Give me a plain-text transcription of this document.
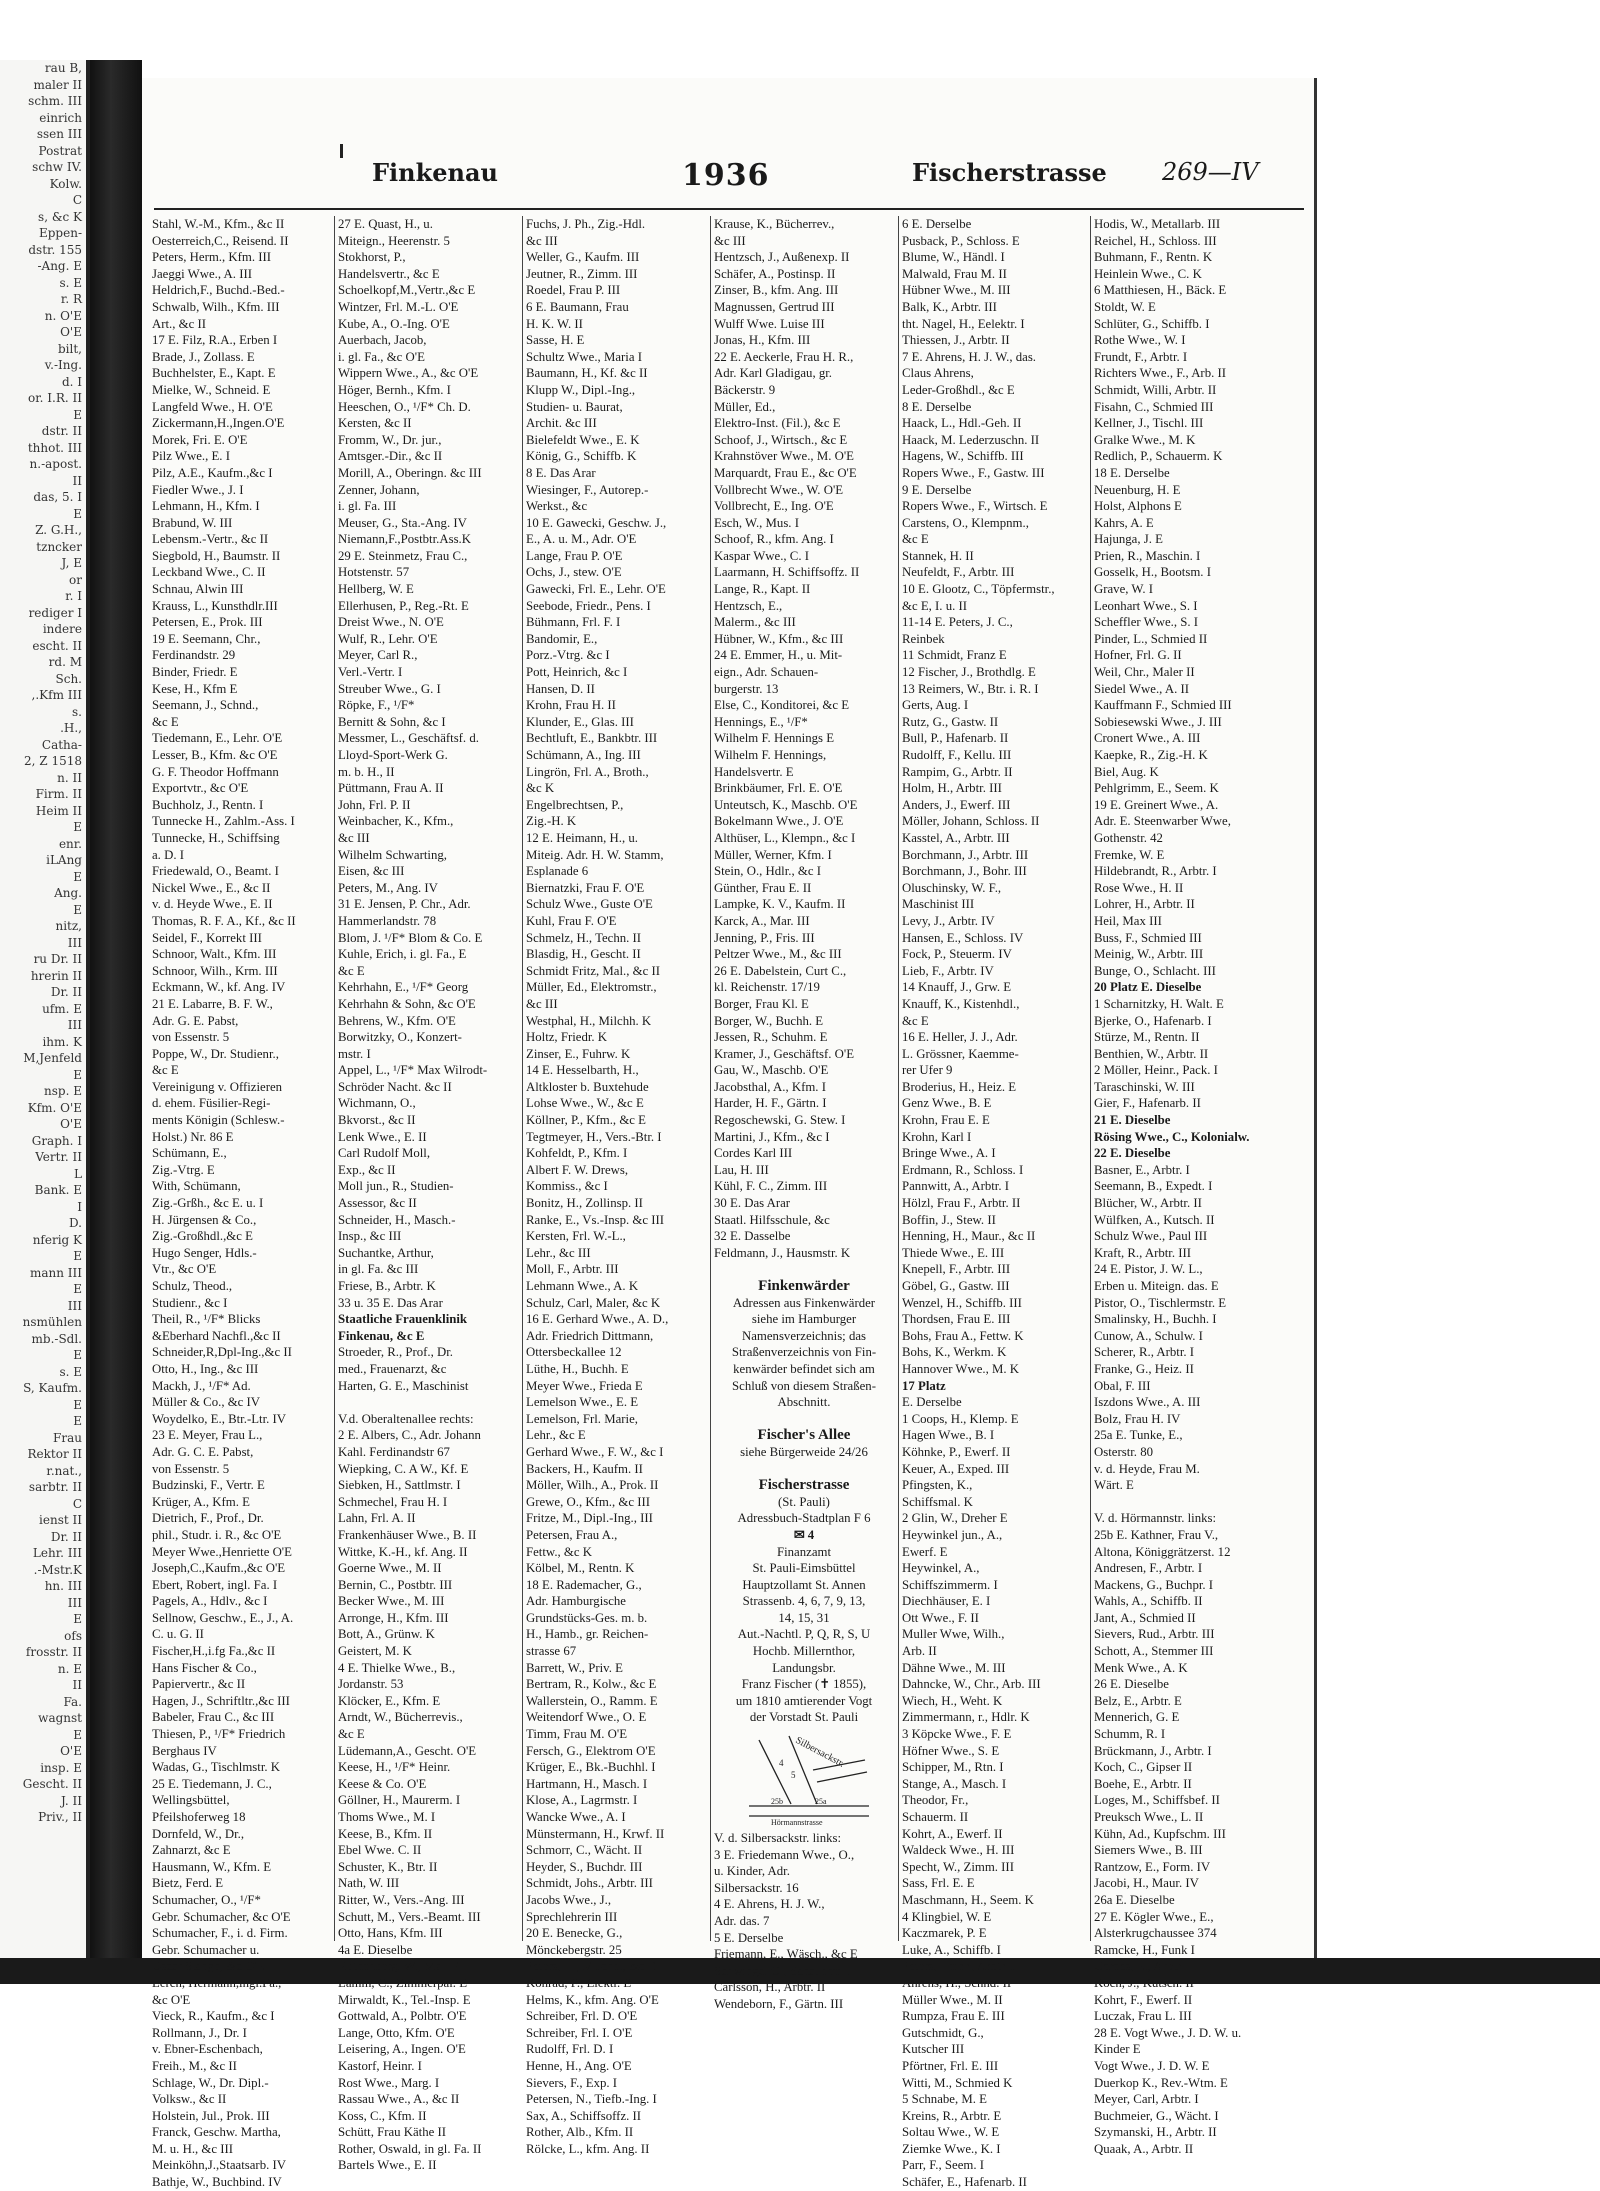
rau B,
maler II
schm. III
einrich
ssen III
Postrat
schw IV.
Kolw.
C
s, &c K
Eppen-
dstr. 155
-Ang. E
s. E
r. R
n. O'E
O'E
bilt,
v.-Ing.
d. I
or. I.R. II
E
dstr. II
thhot. III
n.-apost.
II
das, 5. I
E
Z. G.H.,
tzncker
J, E
or
r. I
rediger I
indere
escht. II
rd. M
Sch.
,.Kfm III
s.
.H.,
Catha-
2, Z 1518
n. II
Firm. II
Heim II
E
enr.
iLAng
E
Ang.
E
nitz,
III
ru Dr. II
hrerin II
Dr. II
ufm. E
III
ihm. K
M,Jenfeld
E
nsp. E
Kfm. O'E
O'E
Graph. I
Vertr. II
L
Bank. E
I
D.
nferig K
E
mann III
E
III
nsmühlen
mb.-Sdl.
E
s. E
S, Kaufm.
E
E
Frau
Rektor II
r.nat.,
sarbtr. II
C
ienst II
Dr. II
Lehr. III
.-Mstr.K
hn. III
III
E
ofs
frosstr. II
n. E
II
Fa.
wagnst
E
O'E
insp. E
Gescht. II
J. II
Priv., II
Finkenau	1936	Fischerstrasse 269—IV
Stahl, W.-M., Kfm., &c II
Oesterreich,C., Reisend. II
Peters, Herm., Kfm. III
Jaeggi Wwe., A. III
Heldrich,F., Buchd.-Bed.-
Schwalb, Wilh., Kfm. III
Art., &c II
17 E. Filz, R.A., Erben I
Brade, J., Zollass. E
Buchhelster, E., Kapt. E
Mielke, W., Schneid. E
Langfeld Wwe., H. O'E
Zickermann,H.,Ingen.O'E
Morek, Fri. E. O'E
Pilz Wwe., E. I
Pilz, A.E., Kaufm.,&c I
Fiedler Wwe., J. I
Lehmann, H., Kfm. I
Brabund, W. III
Lebensm.-Vertr., &c II
Siegbold, H., Baumstr. II
Leckband Wwe., C. II
Schnau, Alwin III
Krauss, L., Kunsthdlr.III
Petersen, E., Prok. III
19 E. Seemann, Chr.,
Ferdinandstr. 29
Binder, Friedr. E
Kese, H., Kfm E
Seemann, J., Schnd.,
&c E
Tiedemann, E., Lehr. O'E
Lesser, B., Kfm. &c O'E
G. F. Theodor Hoffmann
Exportvtr., &c O'E
Buchholz, J., Rentn. I
Tunnecke H., Zahlm.-Ass. I
Tunnecke, H., Schiffsing
a. D. I
Friedewald, O., Beamt. I
Nickel Wwe., E., &c II
v. d. Heyde Wwe., E. II
Thomas, R. F. A., Kf., &c II
Seidel, F., Korrekt III
Schnoor, Walt., Kfm. III
Schnoor, Wilh., Krm. III
Eckmann, W., kf. Ang. IV
21 E. Labarre, B. F. W.,
Adr. G. E. Pabst,
von Essenstr. 5
Poppe, W., Dr. Studienr.,
&c E
Vereinigung v. Offizieren
d. ehem. Füsilier-Regi-
ments Königin (Schlesw.-
Holst.) Nr. 86 E
Schümann, E.,
Zig.-Vtrg. E
With, Schümann,
Zig.-Grßh., &c E. u. I
H. Jürgensen & Co.,
Zig.-Großhdl.,&c E
Hugo Senger, Hdls.-
Vtr., &c O'E
Schulz, Theod.,
Studienr., &c I
Theil, R., ¹/F* Blicks
&Eberhard Nachfl.,&c II
Schneider,R,Dpl-Ing.,&c II
Otto, H., Ing., &c III
Mackh, J., ¹/F* Ad.
Müller & Co., &c IV
Woydelko, E., Btr.-Ltr. IV
23 E. Meyer, Frau L.,
Adr. G. C. E. Pabst,
von Essenstr. 5
Budzinski, F., Vertr. E
Krüger, A., Kfm. E
Dietrich, F., Prof., Dr.
phil., Studr. i. R., &c O'E
Meyer Wwe.,Henriette O'E
Joseph,C.,Kaufm.,&c O'E
Ebert, Robert, ingl. Fa. I
Pagels, A., Hdlv., &c I
Sellnow, Geschw., E., J., A.
C. u. G. II
Fischer,H.,i.fg Fa.,&c II
Hans Fischer & Co.,
Papiervertr., &c II
Hagen, J., Schriftltr.,&c III
Babeler, Frau C., &c III
Thiesen, P., ¹/F* Friedrich
Berghaus IV
Wadas, G., Tischlmstr. K
25 E. Tiedemann, J. C.,
Wellingsbüttel,
Pfeilshoferweg 18
Dornfeld, W., Dr.,
Zahnarzt, &c E
Hausmann, W., Kfm. E
Bietz, Ferd. E
Schumacher, O., ¹/F*
Gebr. Schumacher, &c O'E
Schumacher, F., i. d. Firm.
Gebr. Schumacher u.
Oscar Stange, &c O'E
Lerch, Hermann,ingl.Fa.,
&c O'E
Vieck, R., Kaufm., &c I
Rollmann, J., Dr. I
v. Ebner-Eschenbach,
Freih., M., &c II
Schlage, W., Dr. Dipl.-
Volksw., &c II
Holstein, Jul., Prok. III
Franck, Geschw. Martha,
M. u. H., &c III
Meinköhn,J.,Staatsarb. IV
Bathje, W., Buchbind. IV
27 E. Quast, H., u.
Miteign., Heerenstr. 5
Stokhorst, P.,
Handelsvertr., &c E
Schoelkopf,M.,Vertr.,&c E
Wintzer, Frl. M.-L. O'E
Kube, A., O.-Ing. O'E
Auerbach, Jacob,
i. gl. Fa., &c O'E
Wippern Wwe., A., &c O'E
Höger, Bernh., Kfm. I
Heeschen, O., ¹/F* Ch. D.
Kersten, &c II
Fromm, W., Dr. jur.,
Amtsger.-Dir., &c II
Morill, A., Oberingn. &c III
Zenner, Johann,
i. gl. Fa. III
Meuser, G., Sta.-Ang. IV
Niemann,F.,Postbtr.Ass.K
29 E. Steinmetz, Frau C.,
Hotstenstr. 57
Hellberg, W. E
Ellerhusen, P., Reg.-Rt. E
Dreist Wwe., N. O'E
Wulf, R., Lehr. O'E
Meyer, Carl R.,
Verl.-Vertr. I
Streuber Wwe., G. I
Röpke, F., ¹/F*
Bernitt & Sohn, &c I
Messmer, L., Geschäftsf. d.
Lloyd-Sport-Werk G.
m. b. H., II
Püttmann, Frau A. II
John, Frl. P. II
Weinbacher, K., Kfm.,
&c III
Wilhelm Schwarting,
Eisen, &c III
Peters, M., Ang. IV
31 E. Jensen, P. Chr., Adr.
Hammerlandstr. 78
Blom, J. ¹/F* Blom & Co. E
Kuhle, Erich, i. gl. Fa., E
&c E
Kehrhahn, E., ¹/F* Georg
Kehrhahn & Sohn, &c O'E
Behrens, W., Kfm. O'E
Borwitzky, O., Konzert-
mstr. I
Appel, L., ¹/F* Max Wilrodt-
Schröder Nacht. &c II
Wichmann, O.,
Bkvorst., &c II
Lenk Wwe., E. II
Carl Rudolf Moll,
Exp., &c II
Moll jun., R., Studien-
Assessor, &c II
Schneider, H., Masch.-
Insp., &c III
Suchantke, Arthur,
in gl. Fa. &c III
Friese, B., Arbtr. K
33 u. 35 E. Das Arar
Staatliche Frauenklinik
Finkenau, &c E
Stroeder, R., Prof., Dr.
med., Frauenarzt, &c
Harten, G. E., Maschinist

V.d. Oberaltenallee rechts:
2 E. Albers, C., Adr. Johann
Kahl. Ferdinandstr 67
Wiepking, C. A W., Kf. E
Siebken, H., Sattlmstr. I
Schmechel, Frau H. I
Lahn, Frl. A. II
Frankenhäuser Wwe., B. II
Wittke, K.-H., kf. Ang. II
Goerne Wwe., M. II
Bernin, C., Postbtr. III
Becker Wwe., M. III
Arronge, H., Kfm. III
Bott, A., Grünw. K
Geistert, M. K
4 E. Thielke Wwe., B.,
Jordanstr. 53
Klöcker, E., Kfm. E
Arndt, W., Bücherrevis.,
&c E
Lüdemann,A., Gescht. O'E
Keese, H., ¹/F* Heinr.
Keese & Co. O'E
Göllner, H., Maurerm. I
Thoms Wwe., M. I
Keese, B., Kfm. II
Ebel Wwe. C. II
Schuster, K., Btr. II
Nath, W. III
Ritter, W., Vers.-Ang. III
Schutt, M., Vers.-Beamt. III
Otto, Hans, Kfm. III
4a E. Dieselbe
Ruthenberg, W., Mal. E
Lamm, C., Zimmerpal. E
Mirwaldt, K., Tel.-Insp. E
Gottwald, A., Polbtr. O'E
Lange, Otto, Kfm. O'E
Leisering, A., Ingen. O'E
Kastorf, Heinr. I
Rost Wwe., Marg. I
Rassau Wwe., A., &c II
Koss, C., Kfm. II
Schütt, Frau Käthe II
Rother, Oswald, in gl. Fa. II
Bartels Wwe., E. II
Fuchs, J. Ph., Zig.-Hdl.
&c III
Weller, G., Kaufm. III
Jeutner, R., Zimm. III
Roedel, Frau P. III
6 E. Baumann, Frau
H. K. W. II
Sasse, H. E
Schultz Wwe., Maria I
Baumann, H., Kf. &c II
Klupp W., Dipl.-Ing.,
Studien- u. Baurat,
Archit. &c III
Bielefeldt Wwe., E. K
König, G., Schiffb. K
8 E. Das Arar
Wiesinger, F., Autorep.-
Werkst., &c
10 E. Gawecki, Geschw. J.,
E., A. u. M., Adr. O'E
Lange, Frau P. O'E
Ochs, J., stew. O'E
Gawecki, Frl. E., Lehr. O'E
Seebode, Friedr., Pens. I
Bühmann, Frl. F. I
Bandomir, E.,
Porz.-Vtrg. &c I
Pott, Heinrich, &c I
Hansen, D. II
Krohn, Frau H. II
Klunder, E., Glas. III
Bechtluft, E., Bankbtr. III
Schümann, A., Ing. III
Lingrön, Frl. A., Broth.,
&c K
Engelbrechtsen, P.,
Zig.-H. K
12 E. Heimann, H., u.
Miteig. Adr. H. W. Stamm,
Esplanade 6
Biernatzki, Frau F. O'E
Schulz Wwe., Guste O'E
Kuhl, Frau F. O'E
Schmelz, H., Techn. II
Blasdig, H., Gescht. II
Schmidt Fritz, Mal., &c II
Müller, Ed., Elektromstr.,
&c III
Westphal, H., Milchh. K
Holtz, Friedr. K
Zinser, E., Fuhrw. K
14 E. Hesselbarth, H.,
Altkloster b. Buxtehude
Lohse Wwe., W., &c E
Köllner, P., Kfm., &c E
Tegtmeyer, H., Vers.-Btr. I
Kohfeldt, P., Kfm. I
Albert F. W. Drews,
Kommiss., &c I
Bonitz, H., Zollinsp. II
Ranke, E., Vs.-Insp. &c III
Kersten, Frl. W.-L.,
Lehr., &c III
Moll, F., Arbtr. III
Lehmann Wwe., A. K
Schulz, Carl, Maler, &c K
16 E. Gerhard Wwe., A. D.,
Adr. Friedrich Dittmann,
Ottersbeckallee 12
Lüthe, H., Buchh. E
Meyer Wwe., Frieda E
Lemelson Wwe., E. E
Lemelson, Frl. Marie,
Lehr., &c E
Gerhard Wwe., F. W., &c I
Backers, H., Kaufm. II
Möller, Wilh., A., Prok. II
Grewe, O., Kfm., &c III
Fritze, M., Dipl.-Ing., III
Petersen, Frau A.,
Fettw., &c K
Kölbel, M., Rentn. K
18 E. Rademacher, G.,
Adr. Hamburgische
Grundstücks-Ges. m. b.
H., Hamb., gr. Reichen-
strasse 67
Barrett, W., Priv. E
Bertram, R., Kolw., &c E
Wallerstein, O., Ramm. E
Weitendorf Wwe., O. E
Timm, Frau M. O'E
Fersch, G., Elektrom O'E
Krüger, E., Bk.-Buchhl. I
Hartmann, H., Masch. I
Klose, A., Lagrmstr. I
Wancke Wwe., A. I
Münstermann, H., Krwf. II
Schmorr, C., Wächt. II
Heyder, S., Buchdr. III
Schmidt, Johs., Arbtr. III
Jacobs Wwe., J.,
Sprechlehrerin III
20 E. Benecke, G.,
Mönckebergstr. 25
Peters, H., Milchh., &c E
Konrad, F., Elektr. E
Helms, K., kfm. Ang. O'E
Schreiber, Frl. D. O'E
Schreiber, Frl. I. O'E
Rudolff, Frl. D. I
Henne, H., Ang. O'E
Sievers, F., Exp. I
Petersen, N., Tiefb.-Ing. I
Sax, A., Schiffsoffz. II
Rother, Alb., Kfm. II
Rölcke, L., kfm. Ang. II
Krause, K., Bücherrev.,
&c III
Hentzsch, J., Außenexp. II
Schäfer, A., Postinsp. II
Zinser, B., kfm. Ang. III
Magnussen, Gertrud III
Wulff Wwe. Luise III
Jonas, H., Kfm. III
22 E. Aeckerle, Frau H. R.,
Adr. Karl Gladigau, gr.
Bäckerstr. 9
Müller, Ed.,
Elektro-Inst. (Fil.), &c E
Schoof, J., Wirtsch., &c E
Krahnstöver Wwe., M. O'E
Marquardt, Frau E., &c O'E
Vollbrecht Wwe., W. O'E
Vollbrecht, E., Ing. O'E
Esch, W., Mus. I
Schoof, R., kfm. Ang. I
Kaspar Wwe., C. I
Laarmann, H. Schiffsoffz. II
Lange, R., Kapt. II
Hentzsch, E.,
Malerm., &c III
Hübner, W., Kfm., &c III
24 E. Emmer, H., u. Mit-
eign., Adr. Schauen-
burgerstr. 13
Else, C., Konditorei, &c E
Hennings, E., ¹/F*
Wilhelm F. Hennings E
Wilhelm F. Hennings,
Handelsvertr. E
Brinkbäumer, Frl. E. O'E
Unteutsch, K., Maschb. O'E
Bokelmann Wwe., J. O'E
Althüser, L., Klempn., &c I
Müller, Werner, Kfm. I
Stein, O., Hdlr., &c I
Günther, Frau E. II
Lampke, K. V., Kaufm. II
Karck, A., Mar. III
Jenning, P., Fris. III
Peltzer Wwe., M., &c III
26 E. Dabelstein, Curt C.,
kl. Reichenstr. 17/19
Borger, Frau Kl. E
Borger, W., Buchh. E
Jessen, R., Schuhm. E
Kramer, J., Geschäftsf. O'E
Gau, W., Maschb. O'E
Jacobsthal, A., Kfm. I
Harder, H. F., Gärtn. I
Regoschewski, G. Stew. I
Martini, J., Kfm., &c I
Cordes Karl III
Lau, H. III
Kühl, F. C., Zimm. III
30 E. Das Arar
Staatl. Hilfsschule, &c
32 E. Dasselbe
Feldmann, J., Hausmstr. K

Finkenwärder
Adressen aus Finkenwärder
siehe im Hamburger
Namensverzeichnis; das
Straßenverzeichnis von Fin-
kenwärder befindet sich am
Schluß von diesem Straßen-
Abschnitt.

Fischer's Allee
siehe Bürgerweide 24/26

Fischerstrasse
(St. Pauli)
Adressbuch-Stadtplan F 6
✉ 4
Finanzamt
St. Pauli-Eimsbüttel
Hauptzollamt St. Annen
Strassenb. 4, 6, 7, 9, 13,
14, 15, 31
Aut.-Nachtl. P, Q, R, S, U
Hochb. Millernthor,
Landungsbr.
Franz Fischer (✝ 1855),
um 1810 amtierender Vogt
der Vorstadt St. Pauli
Silbersackstr.
Hörmannstrasse
4
5
25b	25a
V. d. Silbersackstr. links:
3 E. Friedemann Wwe., O.,
u. Kinder, Adr.
Silbersackstr. 16
4 E. Ahrens, H. J. W.,
Adr. das. 7
5 E. Derselbe
Friemann, E., Wäsch., &c E
Schwinge, O., Schauerm. I
Carlsson, H., Arbtr. II
Wendeborn, F., Gärtn. III
6 E. Derselbe
Pusback, P., Schloss. E
Blume, W., Händl. I
Malwald, Frau M. II
Hübner Wwe., M. III
Balk, K., Arbtr. III
tht. Nagel, H., Eelektr. I
Thiessen, J., Arbtr. II
7 E. Ahrens, H. J. W., das.
Claus Ahrens,
Leder-Großhdl., &c E
8 E. Derselbe
Haack, L., Hdl.-Geh. II
Haack, M. Lederzuschn. II
Hagens, W., Schiffb. III
Ropers Wwe., F., Gastw. III
9 E. Derselbe
Ropers Wwe., F., Wirtsch. E
Carstens, O., Klempnm.,
&c E
Stannek, H. II
Neufeldt, F., Arbtr. III
10 E. Glootz, C., Töpfermstr.,
&c E, I. u. II
11-14 E. Peters, J. C.,
Reinbek
11 Schmidt, Franz E
12 Fischer, J., Brothdlg. E
13 Reimers, W., Btr. i. R. I
Gerts, Aug. I
Rutz, G., Gastw. II
Bull, P., Hafenarb. II
Rudolff, F., Kellu. III
Rampim, G., Arbtr. II
Holm, H., Arbtr. III
Anders, J., Ewerf. III
Möller, Johann, Schloss. II
Kasstel, A., Arbtr. III
Borchmann, J., Arbtr. III
Borchmann, J., Bohr. III
Oluschinsky, W. F.,
Maschinist III
Levy, J., Arbtr. IV
Hansen, E., Schloss. IV
Fock, P., Steuerm. IV
Lieb, F., Arbtr. IV
14 Knauff, J., Grw. E
Knauff, K., Kistenhdl.,
&c E
16 E. Heller, J. J., Adr.
L. Grössner, Kaemme-
rer Ufer 9
Broderius, H., Heiz. E
Genz Wwe., B. E
Krohn, Frau E. E
Krohn, Karl I
Bringe Wwe., A. I
Erdmann, R., Schloss. I
Pannwitt, A., Arbtr. I
Hölzl, Frau F., Arbtr. II
Boffin, J., Stew. II
Henning, H., Maur., &c II
Thiede Wwe., E. III
Knepell, F., Arbtr. III
Göbel, G., Gastw. III
Wenzel, H., Schiffb. III
Thordsen, Frau E. III
Bohs, Frau A., Fettw. K
Bohs, K., Werkm. K
Hannover Wwe., M. K
17 Platz
E. Derselbe
1 Coops, H., Klemp. E
Hagen Wwe., B. I
Köhnke, P., Ewerf. II
Keuer, A., Exped. III
Pfingsten, K.,
Schiffsmal. K
2 Glin, W., Dreher E
Heywinkel jun., A.,
Ewerf. E
Heywinkel, A.,
Schiffszimmerm. I
Diechhäuser, E. I
Ott Wwe., F. II
Muller Wwe, Wilh.,
Arb. II
Dähne Wwe., M. III
Dahncke, W., Chr., Arb. III
Wiech, H., Weht. K
Zimmermann, r., Hdlr. K
3 Köpcke Wwe., F. E
Höfner Wwe., S. E
Schipper, M., Rtn. I
Stange, A., Masch. I
Theodor, Fr.,
Schauerm. II
Kohrt, A., Ewerf. II
Waldeck Wwe., H. III
Specht, W., Zimm. III
Sass, Frl. E. E
Maschmann, H., Seem. K
4 Klingbiel, W. E
Kaczmarek, P. E
Luke, A., Schiffb. I
Peters, Heinr., Arbtr. I
Ahrens, H., Schnd. II
Müller Wwe., M. II
Rumpza, Frau E. III
Gutschmidt, G.,
Kutscher III
Pförtner, Frl. E. III
Witti, M., Schmied K
5 Schnabe, M. E
Kreins, R., Arbtr. E
Soltau Wwe., W. E
Ziemke Wwe., K. I
Parr, F., Seem. I
Schäfer, E., Hafenarb. II
Hodis, W., Metallarb. III
Reichel, H., Schloss. III
Buhmann, F., Rentn. K
Heinlein Wwe., C. K
6 Matthiesen, H., Bäck. E
Stoldt, W. E
Schlüter, G., Schiffb. I
Rothe Wwe., W. I
Frundt, F., Arbtr. I
Richters Wwe., F., Arb. II
Schmidt, Willi, Arbtr. II
Fisahn, C., Schmied III
Kellner, J., Tischl. III
Gralke Wwe., M. K
Redlich, P., Schauerm. K
18 E. Derselbe
Neuenburg, H. E
Holst, Alphons E
Kahrs, A. E
Hajunga, J. E
Prien, R., Maschin. I
Gosselk, H., Bootsm. I
Grave, W. I
Leonhart Wwe., S. I
Scheffler Wwe., S. I
Pinder, L., Schmied II
Hofner, Frl. G. II
Weil, Chr., Maler II
Siedel Wwe., A. II
Kauffmann F., Schmied III
Sobiesewski Wwe., J. III
Cronert Wwe., A. III
Kaepke, R., Zig.-H. K
Biel, Aug. K
Pehlgrimm, E., Seem. K
19 E. Greinert Wwe., A.
Adr. E. Steenwarber Wwe,
Gothenstr. 42
Fremke, W. E
Hildebrandt, R., Arbtr. I
Rose Wwe., H. II
Lohrer, H., Arbtr. II
Heil, Max III
Buss, F., Schmied III
Meinig, W., Arbtr. III
Bunge, O., Schlacht. III
20 Platz E. Dieselbe
1 Scharnitzky, H. Walt. E
Bjerke, O., Hafenarb. I
Stürze, M., Rentn. II
Benthien, W., Arbtr. II
2 Möller, Heinr., Pack. I
Taraschinski, W. III
Gier, F., Hafenarb. II
21 E. Dieselbe
Rösing Wwe., C., Kolonialw.
22 E. Dieselbe
Basner, E., Arbtr. I
Seemann, B., Expedt. I
Blücher, W., Arbtr. II
Wülfken, A., Kutsch. II
Schulz Wwe., Paul III
Kraft, R., Arbtr. III
24 E. Pistor, J. W. L.,
Erben u. Miteign. das. E
Pistor, O., Tischlermstr. E
Smalinsky, H., Buchh. I
Cunow, A., Schulw. I
Scherer, R., Arbtr. I
Franke, G., Heiz. II
Obal, F. III
Iszdons Wwe., A. III
Bolz, Frau H. IV
25a E. Tunke, E.,
Osterstr. 80
v. d. Heyde, Frau M.
Wärt. E

V. d. Hörmannstr. links:
25b E. Kathner, Frau V.,
Altona, Königgrätzerst. 12
Andresen, F., Arbtr. I
Mackens, G., Buchpr. I
Wahls, A., Schiffb. II
Jant, A., Schmied II
Sievers, Rud., Arbtr. III
Schott, A., Stemmer III
Menk Wwe., A. K
26 E. Dieselbe
Belz, E., Arbtr. E
Mennerich, G. E
Schumm, R. I
Brückmann, J., Arbtr. I
Koch, C., Gipser II
Boehe, E., Arbtr. II
Loges, M., Schiffsbef. II
Preuksch Wwe., L. II
Kühn, Ad., Kupfschm. III
Siemers Wwe., B. III
Rantzow, E., Form. IV
Jacobi, H., Maur. IV
26a E. Dieselbe
27 E. Kögler Wwe., E.,
Alsterkrugchaussee 374
Ramcke, H., Funk I
Cordes, E., Arbtr. I
Koch, J., Kutsch. II
Kohrt, F., Ewerf. II
Luczak, Frau L. III
28 E. Vogt Wwe., J. D. W. u.
Kinder E
Vogt Wwe., J. D. W. E
Duerkop K., Rev.-Wtm. E
Meyer, Carl, Arbtr. I
Buchmeier, G., Wächt. I
Szymanski, H., Arbtr. II
Quaak, A., Arbtr. II
